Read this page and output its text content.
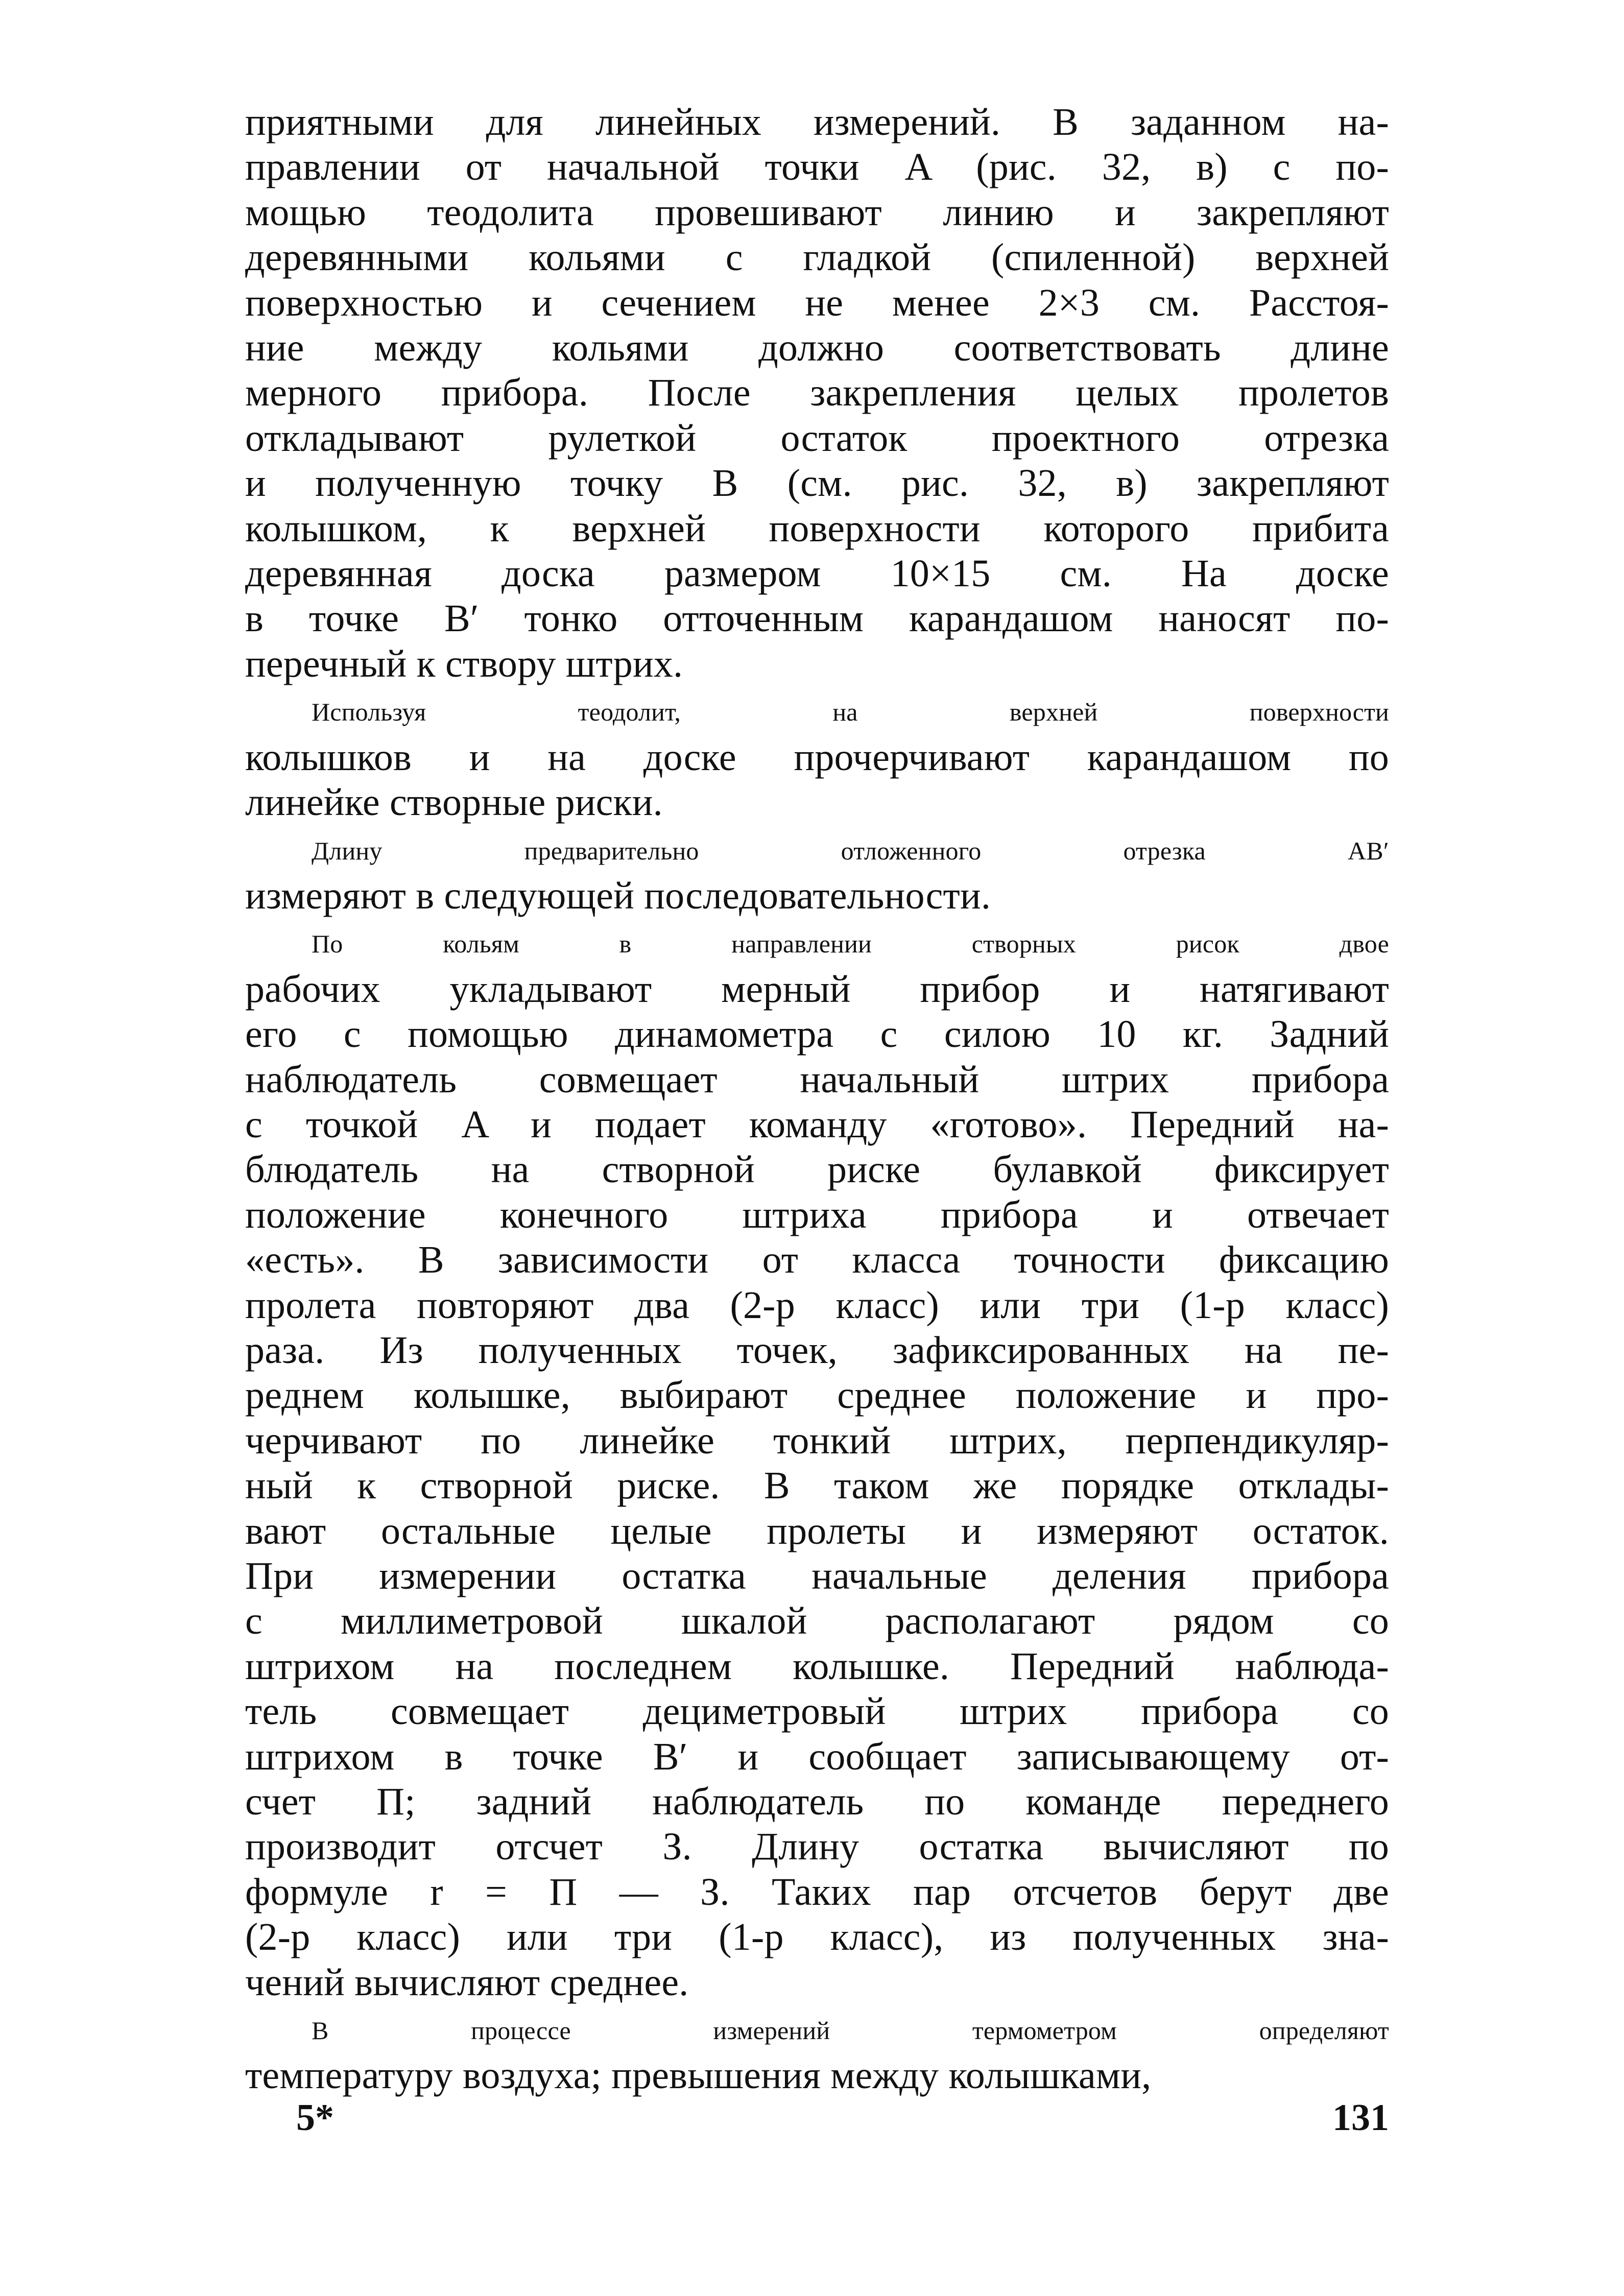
приятными для линейных измерений. В заданном на-
правлении от начальной точки A (рис. 32, в) с по-
мощью теодолита провешивают линию и закрепляют
деревянными кольями с гладкой (спиленной) верхней
поверхностью и сечением не менее 2×3 см. Расстоя-
ние между кольями должно соответствовать длине
мерного прибора. После закрепления целых пролетов
откладывают рулеткой остаток проектного отрезка
и полученную точку B (см. рис. 32, в) закрепляют
колышком, к верхней поверхности которого прибита
деревянная доска размером 10×15 см. На доске
в точке B′ тонко отточенным карандашом наносят по-
перечный к створу штрих.
Используя теодолит, на верхней поверхности
колышков и на доске прочерчивают карандашом по
линейке створные риски.
Длину предварительно отложенного отрезка AB′
измеряют в следующей последовательности.
По кольям в направлении створных рисок двое
рабочих укладывают мерный прибор и натягивают
его с помощью динамометра с силою 10 кг. Задний
наблюдатель совмещает начальный штрих прибора
с точкой A и подает команду «готово». Передний на-
блюдатель на створной риске булавкой фиксирует
положение конечного штриха прибора и отвечает
«есть». В зависимости от класса точности фиксацию
пролета повторяют два (2-р класс) или три (1-р класс)
раза. Из полученных точек, зафиксированных на пе-
реднем колышке, выбирают среднее положение и про-
черчивают по линейке тонкий штрих, перпендикуляр-
ный к створной риске. В таком же порядке отклады-
вают остальные целые пролеты и измеряют остаток.
При измерении остатка начальные деления прибора
с миллиметровой шкалой располагают рядом со
штрихом на последнем колышке. Передний наблюда-
тель совмещает дециметровый штрих прибора со
штрихом в точке B′ и сообщает записывающему от-
счет П; задний наблюдатель по команде переднего
производит отсчет З. Длину остатка вычисляют по
формуле r = П — З. Таких пар отсчетов берут две
(2-р класс) или три (1-р класс), из полученных зна-
чений вычисляют среднее.
В процессе измерений термометром определяют
температуру воздуха; превышения между колышками,
5*	131
